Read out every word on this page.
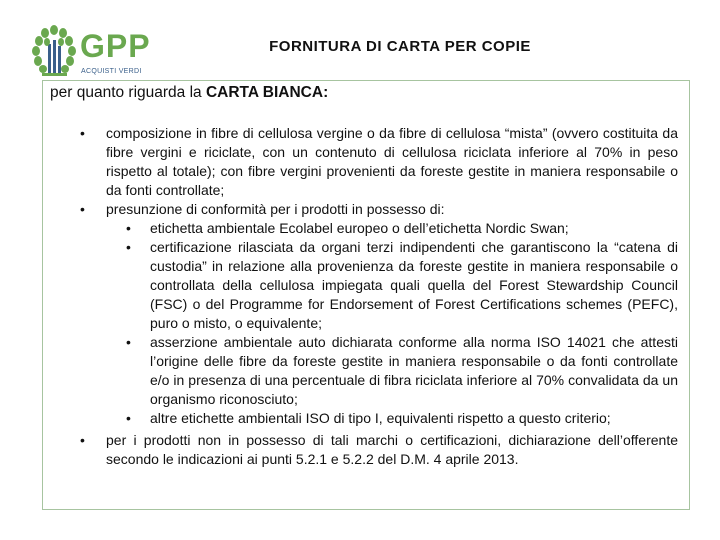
GPP
ACQUISTI VERDI
FORNITURA DI CARTA PER COPIE
per quanto riguarda la CARTA BIANCA:
• composizione in fibre di cellulosa vergine o da fibre di cellulosa “mista” (ovvero costituita da fibre vergini e riciclate, con un contenuto di cellulosa riciclata inferiore al 70% in peso rispetto al totale); con fibre vergini provenienti da foreste gestite in maniera responsabile o da fonti controllate;
• presunzione di conformità per i prodotti in possesso di:
• etichetta ambientale Ecolabel europeo o dell’etichetta Nordic Swan;
• certificazione rilasciata da organi terzi indipendenti che garantiscono la “catena di custodia” in relazione alla provenienza da foreste gestite in maniera responsabile o controllata della cellulosa impiegata quali quella del Forest Stewardship Council (FSC) o del Programme for Endorsement of Forest Certifications schemes (PEFC), puro o misto, o equivalente;
• asserzione ambientale auto dichiarata conforme alla norma ISO 14021 che attesti l’origine delle fibre da foreste gestite in maniera responsabile o da fonti controllate e/o in presenza di una percentuale di fibra riciclata inferiore al 70% convalidata da un organismo riconosciuto;
• altre etichette ambientali ISO di tipo I, equivalenti rispetto a questo criterio;
• per i prodotti non in possesso di tali marchi o certificazioni, dichiarazione dell’offerente secondo le indicazioni ai punti 5.2.1 e 5.2.2 del D.M. 4 aprile 2013.
